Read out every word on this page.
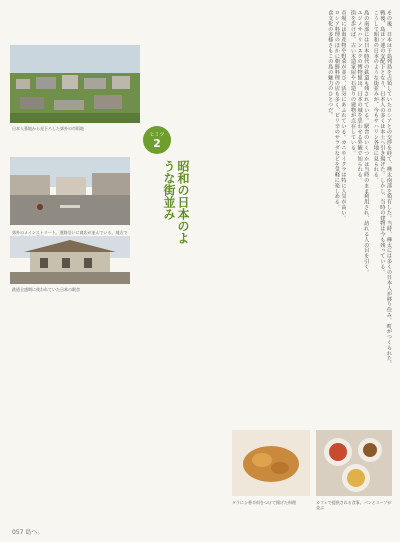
日本人墓地から見下ろした郊外の市街地
ヒミツ
2
昭和の日本のような街並み
郊外のメインストリート。道路沿いに商店が並んでいる。地方で
鉄道全盛期に使われていた日本の駅舎	その後、日本は千島列島を占領していたロシアとの交渉を経て、樺太南部を領有した。当時、樺太には多くの日本人が移り住み、町がつくられた。
戦後、島はソ連の支配下となり、日本人の多くは本土へ引き揚げた。しかし、当時の建物は今も残っている。
こうして昭和の日本のような街並みが、今もサハリン各地に見られる。
島の南部には日本時代の鉄道も残されている。駅舎のいくつかは当時のまま利用され、訪れる人の目を引く。
ユジノサハリンスクの博物館は、日本の城を思わせる外観で知られる。
街を歩けば、古い木造家屋や石造りの建物が点在している。
市場には海産物や野菜が並び、活気にあふれている。カニやイクラは特に人気が高い。
ロシア料理のほかに朝鮮料理の店も多く、ピリ辛のサラダなどを気軽に楽しめる。
食文化の多様さもこの島の魅力のひとつだ。
タラにシ香辛料をつけて揚げた料理	カフェで提供される食事。パンとスープが並ぶ
057 島へ。
